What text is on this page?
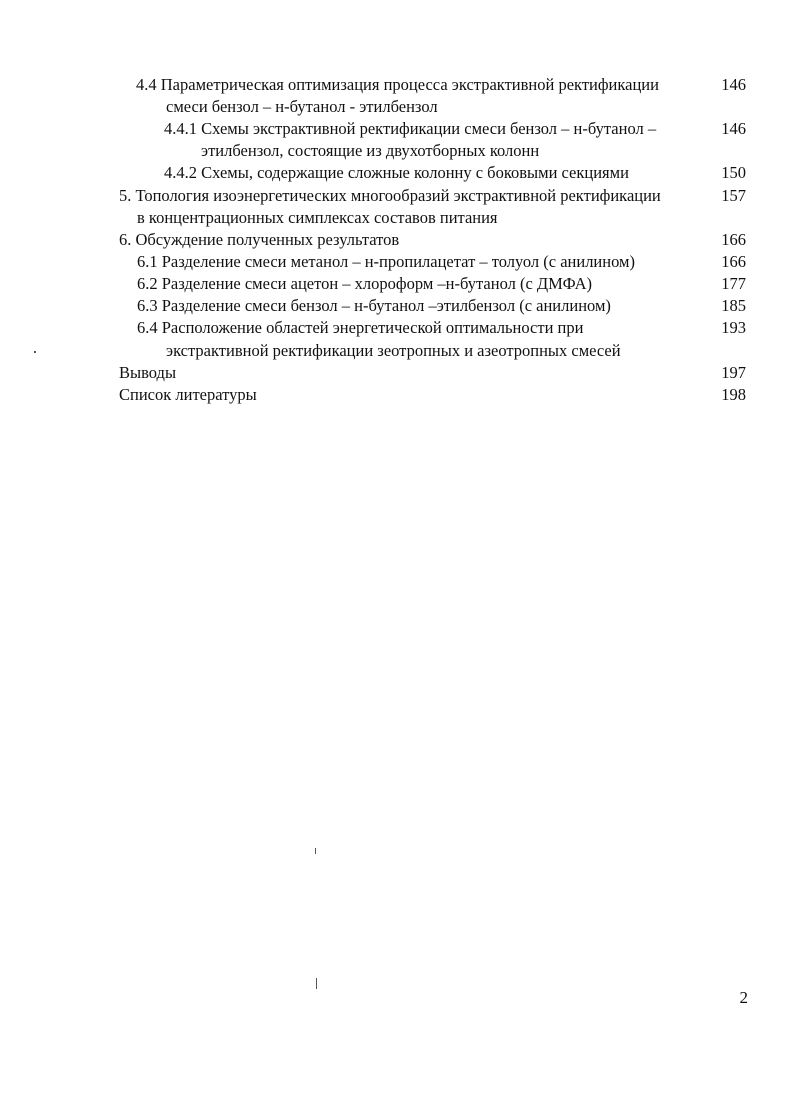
4.4 Параметрическая оптимизация процесса экстрактивной ректификации	146
смеси бензол – н-бутанол - этилбензол
4.4.1 Схемы экстрактивной ректификации смеси бензол – н-бутанол –	146
этилбензол, состоящие из двухотборных колонн
4.4.2 Схемы, содержащие сложные колонну с боковыми секциями	150
5. Топология изоэнергетических многообразий экстрактивной ректификации	157
в концентрационных симплексах составов питания
6. Обсуждение полученных результатов	166
6.1 Разделение смеси метанол – н-пропилацетат – толуол (с анилином)	166
6.2 Разделение смеси ацетон – хлороформ –н-бутанол (с ДМФА)	177
6.3 Разделение смеси бензол – н-бутанол –этилбензол (с анилином)	185
6.4 Расположение областей энергетической оптимальности при	193
экстрактивной ректификации зеотропных и азеотропных смесей
Выводы	197
Список литературы	198
2
